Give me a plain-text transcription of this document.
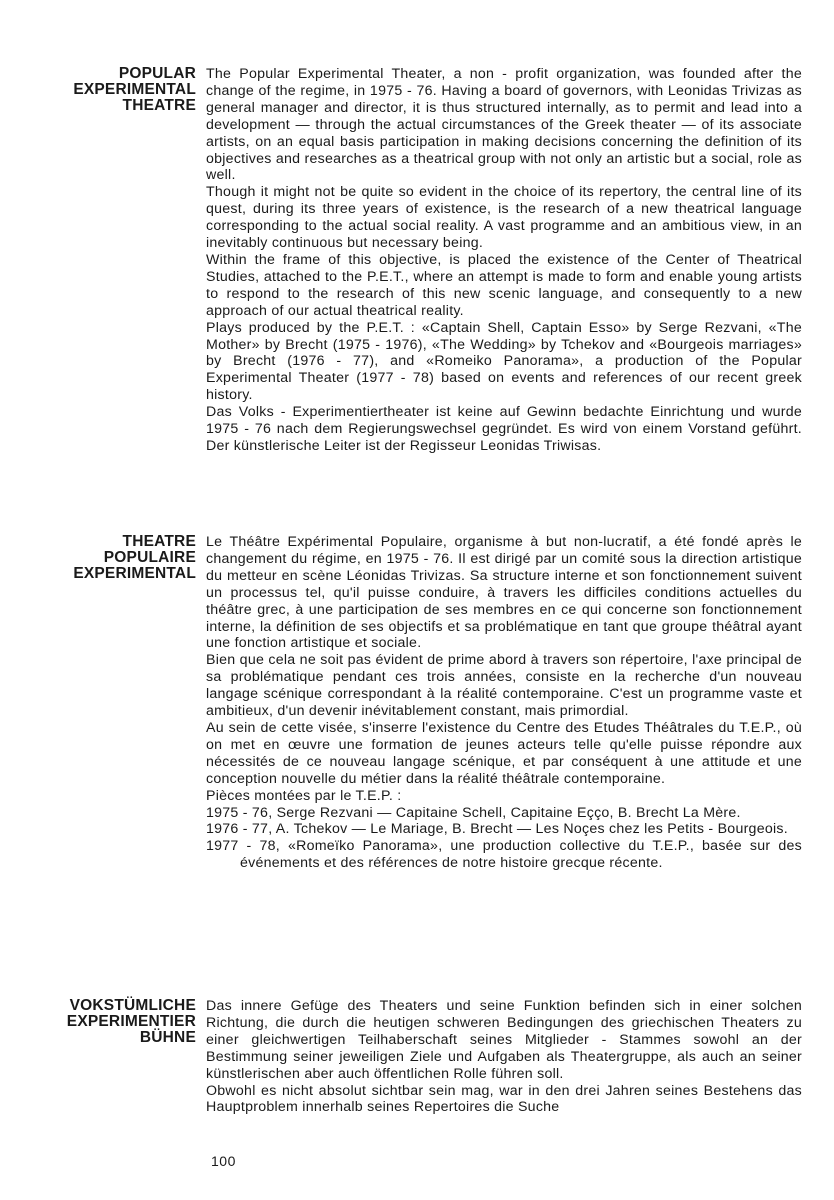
POPULAR
EXPERIMENTAL
THEATRE

The Popular Experimental Theater, a non - profit organization, was founded after the change of the regime, in 1975 - 76. Having a board of governors, with Leonidas Trivizas as general manager and director, it is thus structured internally, as to permit and lead into a development — through the actual circumstances of the Greek theater — of its associate artists, on an equal basis participation in making decisions concerning the definition of its objectives and researches as a theatrical group with not only an artistic but a social, role as well.

Though it might not be quite so evident in the choice of its repertory, the central line of its quest, during its three years of existence, is the research of a new theatrical language corresponding to the actual social reality. A vast programme and an ambitious view, in an inevitably continuous but necessary being.

Within the frame of this objective, is placed the existence of the Center of Theatrical Studies, attached to the P.E.T., where an attempt is made to form and enable young artists to respond to the research of this new scenic language, and consequently to a new approach of our actual theatrical reality.

Plays produced by the P.E.T. : «Captain Shell, Captain Esso» by Serge Rezvani, «The Mother» by Brecht (1975 - 1976), «The Wedding» by Tchekov and «Bourgeois marriages» by Brecht (1976 - 77), and «Romeiko Panorama», a production of the Popular Experimental Theater (1977 - 78) based on events and references of our recent greek history.

Das Volks - Experimentiertheater ist keine auf Gewinn bedachte Einrichtung und wurde 1975 - 76 nach dem Regierungswechsel gegründet. Es wird von einem Vorstand geführt. Der künstlerische Leiter ist der Regisseur Leonidas Triwisas.

THEATRE
POPULAIRE
EXPERIMENTAL

Le Théâtre Expérimental Populaire, organisme à but non-lucratif, a été fondé après le changement du régime, en 1975 - 76. Il est dirigé par un comité sous la direction artistique du metteur en scène Léonidas Trivizas. Sa structure interne et son fonctionnement suivent un processus tel, qu'il puisse conduire, à travers les difficiles conditions actuelles du théâtre grec, à une participation de ses membres en ce qui concerne son fonctionnement interne, la définition de ses objectifs et sa problématique en tant que groupe théâtral ayant une fonction artistique et sociale.

Bien que cela ne soit pas évident de prime abord à travers son répertoire, l'axe principal de sa problématique pendant ces trois années, consiste en la recherche d'un nouveau langage scénique correspondant à la réalité contemporaine. C'est un programme vaste et ambitieux, d'un devenir inévitablement constant, mais primordial.

Au sein de cette visée, s'inserre l'existence du Centre des Etudes Théâtrales du T.E.P., où on met en œuvre une formation de jeunes acteurs telle qu'elle puisse répondre aux nécessités de ce nouveau langage scénique, et par conséquent à une attitude et une conception nouvelle du métier dans la réalité théâtrale contemporaine.

Pièces montées par le T.E.P. :

1975 - 76, Serge Rezvani — Capitaine Schell, Capitaine Eçço, B. Brecht La Mère.

1976 - 77, A. Tchekov — Le Mariage, B. Brecht — Les Noçes chez les Petits - Bourgeois.

1977 - 78, «Romeïko Panorama», une production collective du T.E.P., basée sur des événements et des références de notre histoire grecque récente.

VOKSTÜMLICHE
EXPERIMENTIER
BÜHNE

Das innere Gefüge des Theaters und seine Funktion befinden sich in einer solchen Richtung, die durch die heutigen schweren Bedingungen des griechischen Theaters zu einer gleichwertigen Teilhaberschaft seines Mitglieder - Stammes sowohl an der Bestimmung seiner jeweiligen Ziele und Aufgaben als Theatergruppe, als auch an seiner künstlerischen aber auch öffentlichen Rolle führen soll.

Obwohl es nicht absolut sichtbar sein mag, war in den drei Jahren seines Bestehens das Hauptproblem innerhalb seines Repertoires die Suche

100
